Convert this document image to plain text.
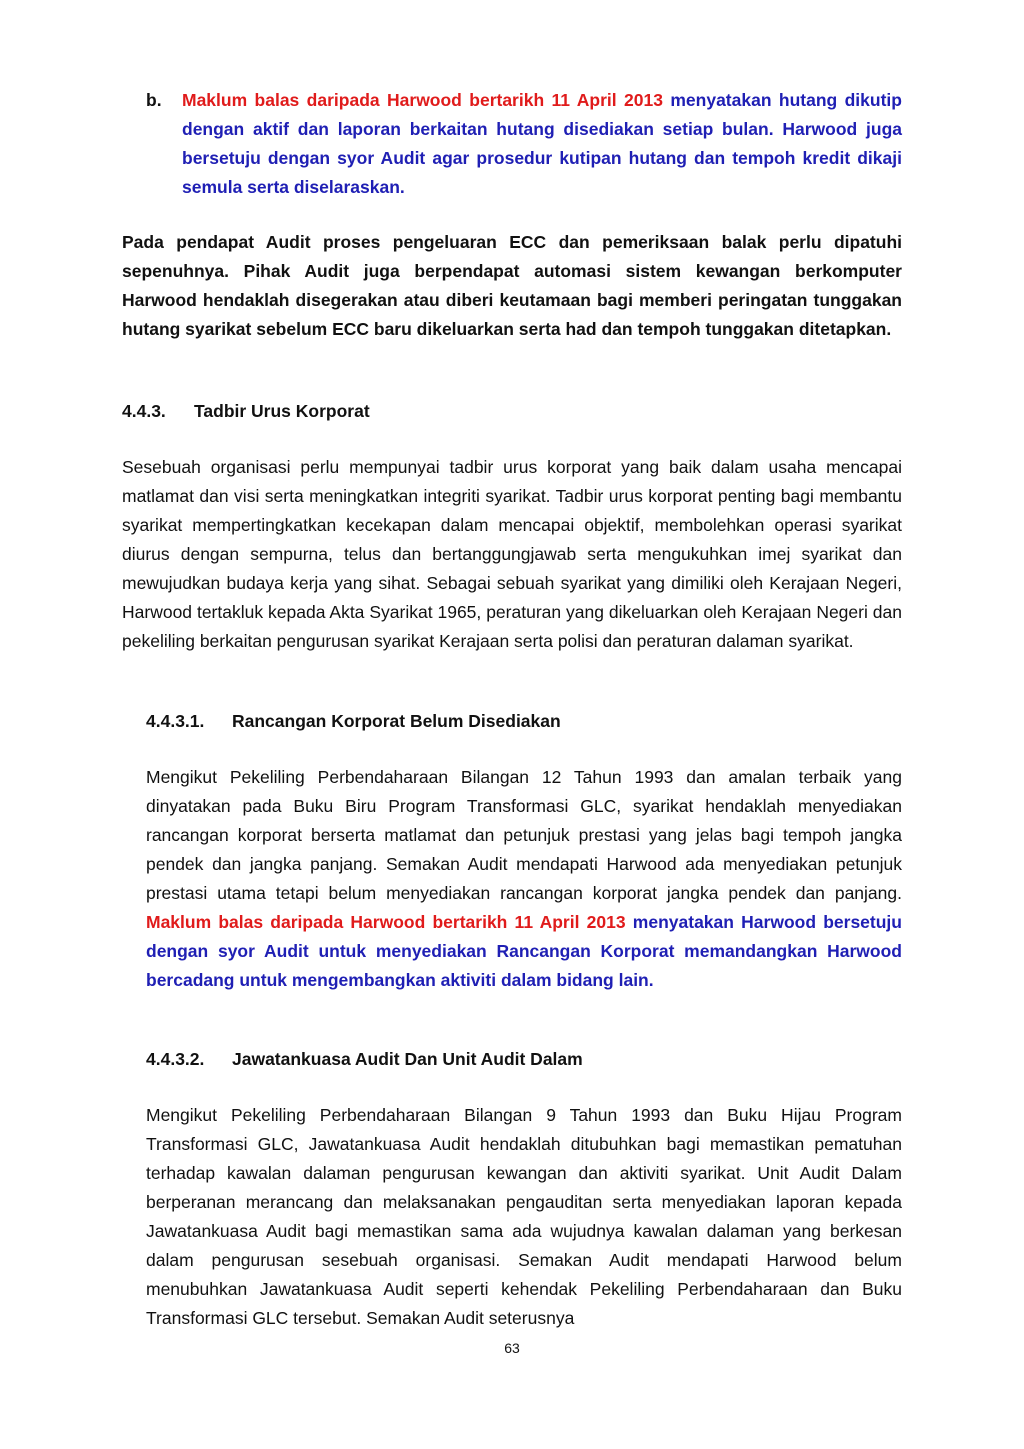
b. Maklum balas daripada Harwood bertarikh 11 April 2013 menyatakan hutang dikutip dengan aktif dan laporan berkaitan hutang disediakan setiap bulan. Harwood juga bersetuju dengan syor Audit agar prosedur kutipan hutang dan tempoh kredit dikaji semula serta diselaraskan.

Pada pendapat Audit proses pengeluaran ECC dan pemeriksaan balak perlu dipatuhi sepenuhnya. Pihak Audit juga berpendapat automasi sistem kewangan berkomputer Harwood hendaklah disegerakan atau diberi keutamaan bagi memberi peringatan tunggakan hutang syarikat sebelum ECC baru dikeluarkan serta had dan tempoh tunggakan ditetapkan.

4.4.3. Tadbir Urus Korporat

Sesebuah organisasi perlu mempunyai tadbir urus korporat yang baik dalam usaha mencapai matlamat dan visi serta meningkatkan integriti syarikat. Tadbir urus korporat penting bagi membantu syarikat mempertingkatkan kecekapan dalam mencapai objektif, membolehkan operasi syarikat diurus dengan sempurna, telus dan bertanggungjawab serta mengukuhkan imej syarikat dan mewujudkan budaya kerja yang sihat. Sebagai sebuah syarikat yang dimiliki oleh Kerajaan Negeri, Harwood tertakluk kepada Akta Syarikat 1965, peraturan yang dikeluarkan oleh Kerajaan Negeri dan pekeliling berkaitan pengurusan syarikat Kerajaan serta polisi dan peraturan dalaman syarikat.

4.4.3.1. Rancangan Korporat Belum Disediakan

Mengikut Pekeliling Perbendaharaan Bilangan 12 Tahun 1993 dan amalan terbaik yang dinyatakan pada Buku Biru Program Transformasi GLC, syarikat hendaklah menyediakan rancangan korporat berserta matlamat dan petunjuk prestasi yang jelas bagi tempoh jangka pendek dan jangka panjang. Semakan Audit mendapati Harwood ada menyediakan petunjuk prestasi utama tetapi belum menyediakan rancangan korporat jangka pendek dan panjang. Maklum balas daripada Harwood bertarikh 11 April 2013 menyatakan Harwood bersetuju dengan syor Audit untuk menyediakan Rancangan Korporat memandangkan Harwood bercadang untuk mengembangkan aktiviti dalam bidang lain.

4.4.3.2. Jawatankuasa Audit Dan Unit Audit Dalam

Mengikut Pekeliling Perbendaharaan Bilangan 9 Tahun 1993 dan Buku Hijau Program Transformasi GLC, Jawatankuasa Audit hendaklah ditubuhkan bagi memastikan pematuhan terhadap kawalan dalaman pengurusan kewangan dan aktiviti syarikat. Unit Audit Dalam berperanan merancang dan melaksanakan pengauditan serta menyediakan laporan kepada Jawatankuasa Audit bagi memastikan sama ada wujudnya kawalan dalaman yang berkesan dalam pengurusan sesebuah organisasi. Semakan Audit mendapati Harwood belum menubuhkan Jawatankuasa Audit seperti kehendak Pekeliling Perbendaharaan dan Buku Transformasi GLC tersebut. Semakan Audit seterusnya

63
